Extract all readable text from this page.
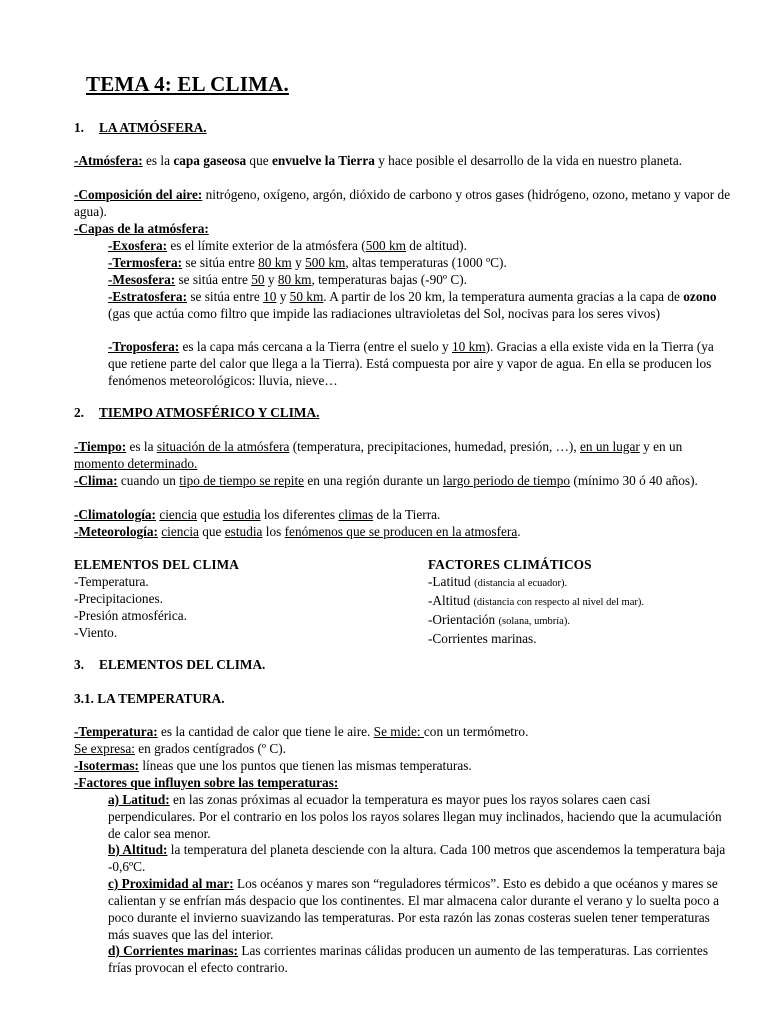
TEMA 4: EL CLIMA.
1. LA ATMÓSFERA.
-Atmósfera: es la capa gaseosa que envuelve la Tierra y hace posible el desarrollo de la vida en nuestro planeta.
-Composición del aire: nitrógeno, oxígeno, argón, dióxido de carbono y otros gases (hidrógeno, ozono, metano y vapor de agua).
-Capas de la atmósfera:
-Exosfera: es el límite exterior de la atmósfera (500 km de altitud).
-Termosfera: se sitúa entre 80 km y 500 km, altas temperaturas (1000 ºC).
-Mesosfera: se sitúa entre 50 y 80 km, temperaturas bajas (-90º C).
-Estratosfera: se sitúa entre 10 y 50 km. A partir de los 20 km, la temperatura aumenta gracias a la capa de ozono (gas que actúa como filtro que impide las radiaciones ultravioletas del Sol, nocivas para los seres vivos)
-Troposfera: es la capa más cercana a la Tierra (entre el suelo y 10 km). Gracias a ella existe vida en la Tierra (ya que retiene parte del calor que llega a la Tierra). Está compuesta por aire y vapor de agua. En ella se producen los fenómenos meteorológicos: lluvia, nieve…
2. TIEMPO ATMOSFÉRICO Y CLIMA.
-Tiempo: es la situación de la atmósfera (temperatura, precipitaciones, humedad, presión, …), en un lugar y en un momento determinado.
-Clima: cuando un tipo de tiempo se repite en una región durante un largo periodo de tiempo (mínimo 30 ó 40 años).
-Climatología: ciencia que estudia los diferentes climas de la Tierra.
-Meteorología: ciencia que estudia los fenómenos que se producen en la atmosfera.
ELEMENTOS DEL CLIMA
-Temperatura.
-Precipitaciones.
-Presión atmosférica.
-Viento.
FACTORES CLIMÁTICOS
-Latitud (distancia al ecuador).
-Altitud (distancia con respecto al nivel del mar).
-Orientación (solana, umbría).
-Corrientes marinas.
3. ELEMENTOS DEL CLIMA.
3.1. LA TEMPERATURA.
-Temperatura: es la cantidad de calor que tiene le aire. Se mide: con un termómetro.
Se expresa: en grados centígrados (º C).
-Isotermas: líneas que une los puntos que tienen las mismas temperaturas.
-Factores que influyen sobre las temperaturas:
a) Latitud: en las zonas próximas al ecuador la temperatura es mayor pues los rayos solares caen casi perpendiculares. Por el contrario en los polos los rayos solares llegan muy inclinados, haciendo que la acumulación de calor sea menor.
b) Altitud: la temperatura del planeta desciende con la altura. Cada 100 metros que ascendemos la temperatura baja -0,6ºC.
c) Proximidad al mar: Los océanos y mares son “reguladores térmicos”. Esto es debido a que océanos y mares se calientan y se enfrían más despacio que los continentes. El mar almacena calor durante el verano y lo suelta poco a poco durante el invierno suavizando las temperaturas. Por esta razón las zonas costeras suelen tener temperaturas más suaves que las del interior.
d) Corrientes marinas: Las corrientes marinas cálidas producen un aumento de las temperaturas. Las corrientes frías provocan el efecto contrario.
